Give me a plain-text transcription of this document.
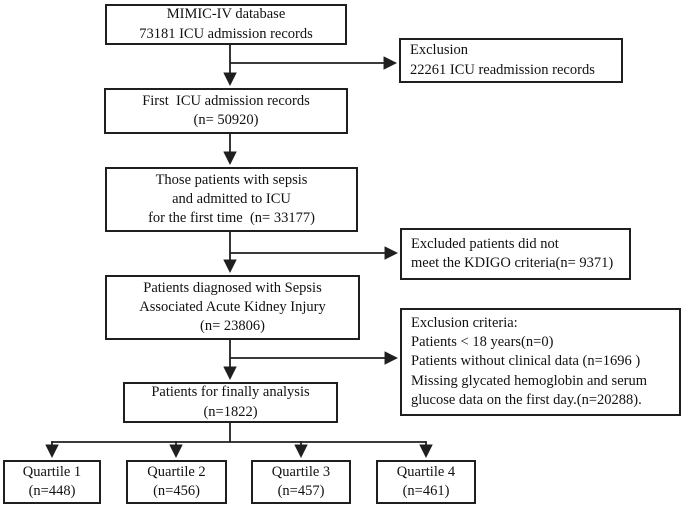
MIMIC-IV database
73181 ICU admission records
First  ICU admission records
(n= 50920)
Those patients with sepsis
and admitted to ICU
for the first time  (n= 33177)
Patients diagnosed with Sepsis
Associated Acute Kidney Injury
(n= 23806)
Patients for finally analysis
(n=1822)
Exclusion
22261 ICU readmission records
Excluded patients did not
meet the KDIGO criteria(n= 9371)
Exclusion criteria:
Patients < 18 years(n=0)
Patients without clinical data (n=1696 )
Missing glycated hemoglobin and serum
glucose data on the first day.(n=20288).
Quartile 1
(n=448)
Quartile 2
(n=456)
Quartile 3
(n=457)
Quartile 4
(n=461)
